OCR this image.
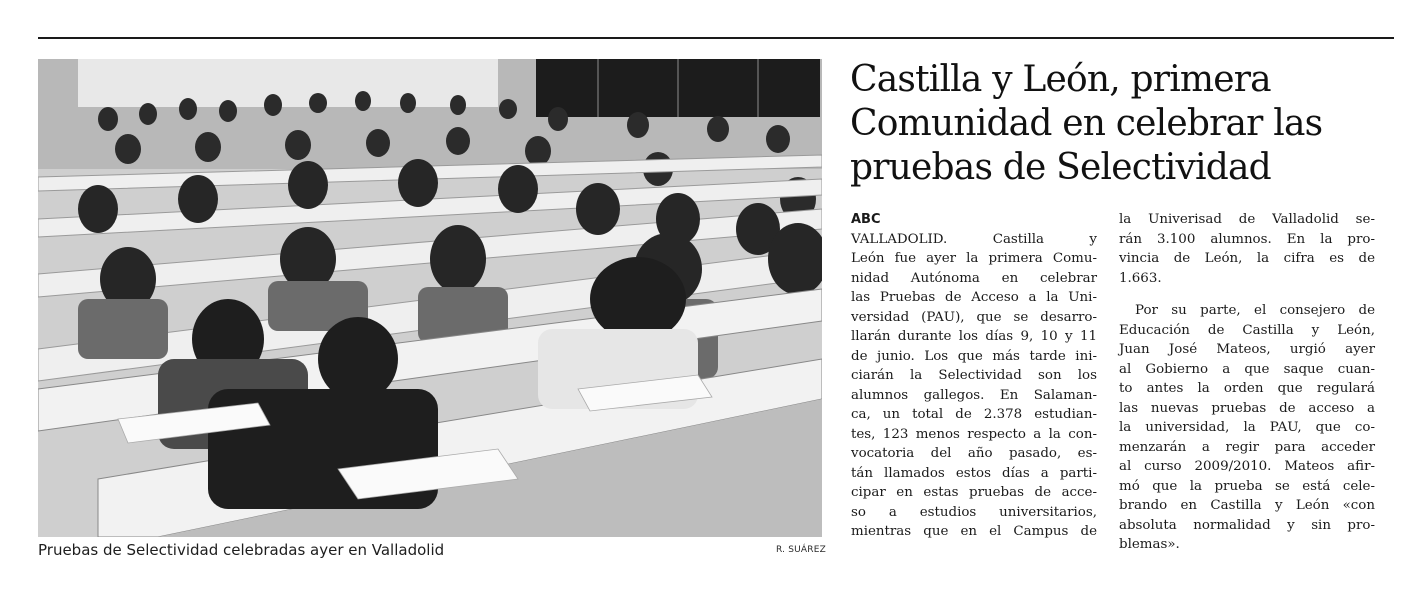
Pruebas de Selectividad celebradas ayer en Valladolid	R. SUÁREZ
Castilla y León, primera
Comunidad en celebrar las
pruebas de Selectividad
ABC
VALLADOLID. Castilla y
León fue ayer la primera Comu-
nidad Autónoma en celebrar
las Pruebas de Acceso a la Uni-
versidad (PAU), que se desarro-
llarán durante los días 9, 10 y 11
de junio. Los que más tarde ini-
ciarán la Selectividad son los
alumnos gallegos. En Salaman-
ca, un total de 2.378 estudian-
tes, 123 menos respecto a la con-
vocatoria del año pasado, es-
tán llamados estos días a parti-
cipar en estas pruebas de acce-
so a estudios universitarios,
mientras que en el Campus de
la Univerisad de Valladolid se-
rán 3.100 alumnos. En la pro-
vincia de León, la cifra es de
1.663.
Por su parte, el consejero de
Educación de Castilla y León,
Juan José Mateos, urgió ayer
al Gobierno a que saque cuan-
to antes la orden que regulará
las nuevas pruebas de acceso a
la universidad, la PAU, que co-
menzarán a regir para acceder
al curso 2009/2010. Mateos afir-
mó que la prueba se está cele-
brando en Castilla y León «con
absoluta normalidad y sin pro-
blemas».
